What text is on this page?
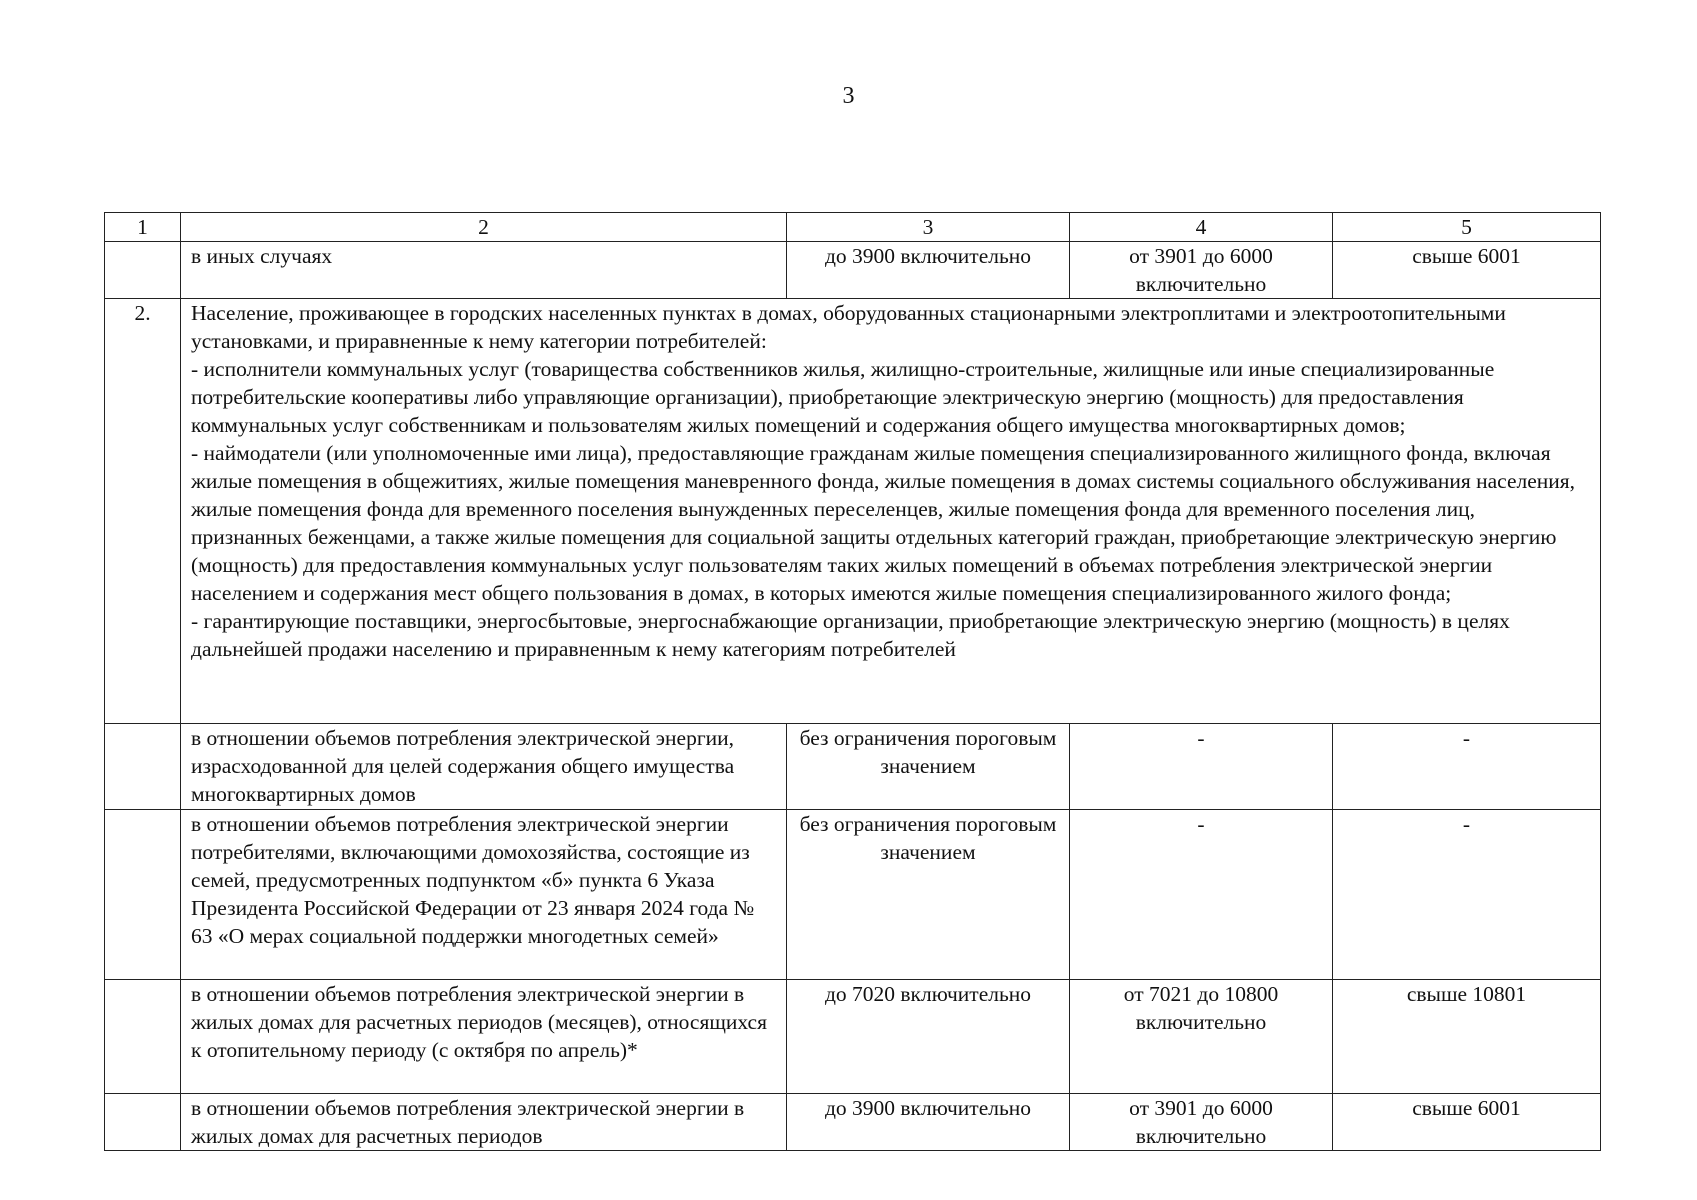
3
1	2	3	4	5
	в иных случаях	до 3900 включительно	от 3901 до 6000 включительно	свыше 6001
2.	Население, проживающее в городских населенных пунктах в домах, оборудованных стационарными электроплитами и электроотопительными установками, и приравненные к нему категории потребителей:
- исполнители коммунальных услуг (товарищества собственников жилья, жилищно-строительные, жилищные или иные специализированные потребительские кооперативы либо управляющие организации), приобретающие электрическую энергию (мощность) для предоставления коммунальных услуг собственникам и пользователям жилых помещений и содержания общего имущества многоквартирных домов;
- наймодатели (или уполномоченные ими лица), предоставляющие гражданам жилые помещения специализированного жилищного фонда, включая жилые помещения в общежитиях, жилые помещения маневренного фонда, жилые помещения в домах системы социального обслуживания населения, жилые помещения фонда для временного поселения вынужденных переселенцев, жилые помещения фонда для временного поселения лиц, признанных беженцами, а также жилые помещения для социальной защиты отдельных категорий граждан, приобретающие электрическую энергию (мощность) для предоставления коммунальных услуг пользователям таких жилых помещений в объемах потребления электрической энергии населением и содержания мест общего пользования в домах, в которых имеются жилые помещения специализированного жилого фонда;
- гарантирующие поставщики, энергосбытовые, энергоснабжающие организации, приобретающие электрическую энергию (мощность) в целях дальнейшей продажи населению и приравненным к нему категориям потребителей			

	в отношении объемов потребления электрической энергии, израсходованной для целей содержания общего имущества многоквартирных домов	без ограничения пороговым значением	-	-
	в отношении объемов потребления электрической энергии потребителями, включающими домохозяйства, состоящие из семей, предусмотренных подпунктом «б» пункта 6 Указа Президента Российской Федерации от 23 января 2024 года № 63 «О мерах социальной поддержки многодетных семей»	без ограничения пороговым значением	-	-
	в отношении объемов потребления электрической энергии в жилых домах для расчетных периодов (месяцев), относящихся к отопительному периоду (с октября по апрель)*	до 7020 включительно	от 7021 до 10800 включительно	свыше 10801
	в отношении объемов потребления электрической энергии в жилых домах для расчетных периодов	до 3900 включительно	от 3901 до 6000 включительно	свыше 6001
